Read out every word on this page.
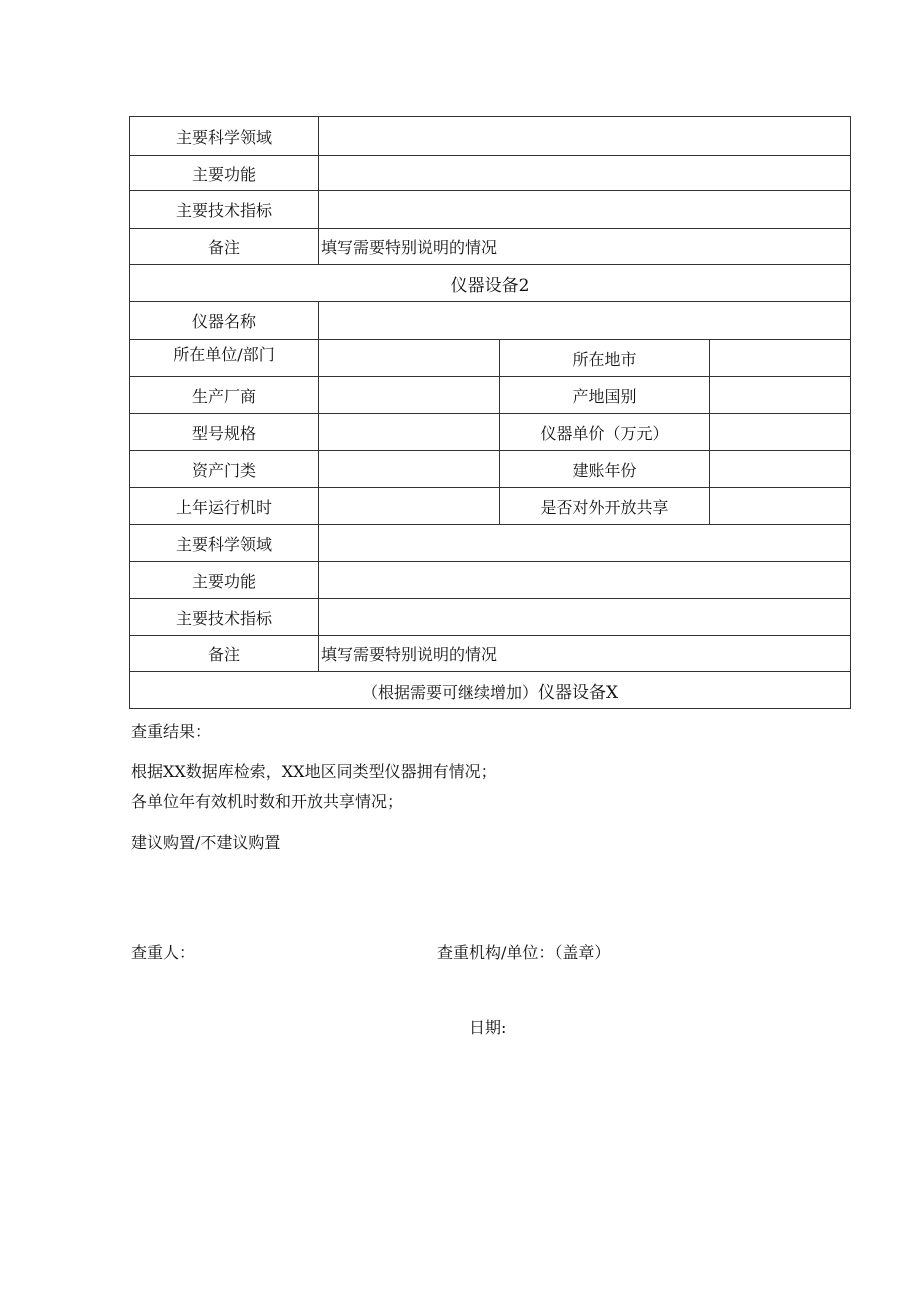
主要科学领域			
主要功能			
主要技术指标			
备注	填写需要特别说明的情况		
仪器设备2			
仪器名称			
所在单位/部门		所在地市	
生产厂商		产地国别	
型号规格		仪器单价（万元）	
资产门类		建账年份	
上年运行机时		是否对外开放共享	
主要科学领域			
主要功能			
主要技术指标			
备注	填写需要特别说明的情况		
（根据需要可继续增加）仪器设备X			
查重结果：
根据XX数据库检索，XX地区同类型仪器拥有情况；
各单位年有效机时数和开放共享情况；
建议购置/不建议购置
查重人：	查重机构/单位：（盖章）
日期:
